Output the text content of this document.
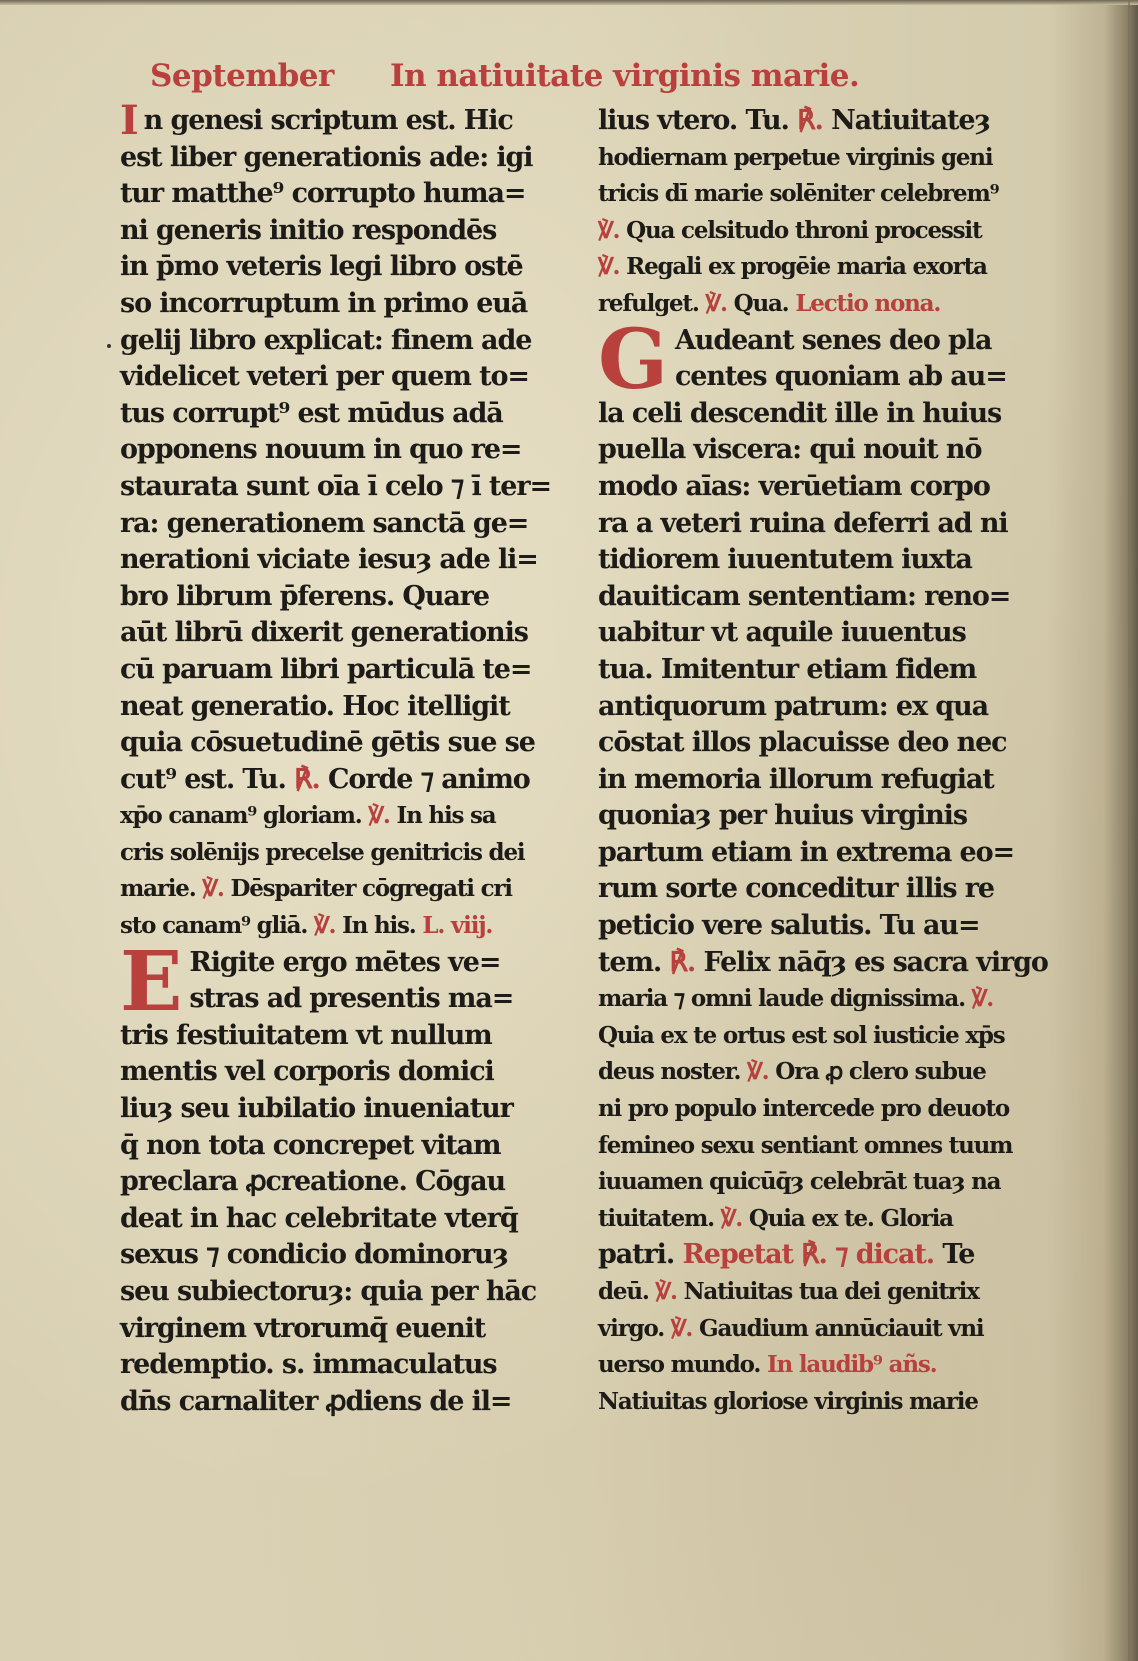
September In natiuitate virginis marie.
I n genesi scriptum est. Hic
est liber generationis ade: igi
tur matthe⁹ corrupto huma=
ni generis initio respondēs
in p̄mo veteris legi libro ostē
so incorruptum in primo euā
gelij libro explicat: finem ade
videlicet veteri per quem to=
tus corrupt⁹ est mūdus adā
opponens nouum in quo re=
staurata sunt oīa ī celo ⁊ ī ter=
ra: generationem sanctā ge=
nerationi viciate iesuȝ ade li=
bro librum p̄ferens. Quare
aūt librū dixerit generationis
cū paruam libri particulā te=
neat generatio. Hoc itelligit
quia cōsuetudinē gētis sue se
cut⁹ est. Tu. ℟. Corde ⁊ animo
xp̄o canam⁹ gloriam. ℣. In his sa
cris solēnijs precelse genitricis dei
marie. ℣. Dēspariter cōgregati cri
sto canam⁹ gliā. ℣. In his. L. viij.
E Rigite ergo mētes ve=
stras ad presentis ma=
tris festiuitatem vt nullum
mentis vel corporis domici
liuȝ seu iubilatio inueniatur
q̄ non tota concrepet vitam
preclara ꝓcreatione. Cōgau
deat in hac celebritate vterq̄
sexus ⁊ condicio dominoruȝ
seu subiectoruȝ: quia per hāc
virginem vtrorumq̄ euenit
redemptio. s. immaculatus
dn̄s carnaliter ꝓdiens de il=
lius vtero. Tu. ℟. Natiuitateȝ
hodiernam perpetue virginis geni
tricis dī marie solēniter celebrem⁹
℣. Qua celsitudo throni processit
℣. Regali ex progēie maria exorta
refulget. ℣. Qua. Lectio nona.
G Audeant senes deo pla
centes quoniam ab au=
la celi descendit ille in huius
puella viscera: qui nouit nō
modo aīas: verūetiam corpo
ra a veteri ruina deferri ad ni
tidiorem iuuentutem iuxta
dauiticam sententiam: reno=
uabitur vt aquile iuuentus
tua. Imitentur etiam fidem
antiquorum patrum: ex qua
cōstat illos placuisse deo nec
in memoria illorum refugiat
quoniaȝ per huius virginis
partum etiam in extrema eo=
rum sorte conceditur illis re
peticio vere salutis. Tu au=
tem. ℟. Felix nāq̄ȝ es sacra virgo
maria ⁊ omni laude dignissima. ℣.
Quia ex te ortus est sol iusticie xp̄s
deus noster. ℣. Ora ꝓ clero subue
ni pro populo intercede pro deuoto
femineo sexu sentiant omnes tuum
iuuamen quicūq̄ȝ celebrāt tuaȝ na
tiuitatem. ℣. Quia ex te. Gloria
patri. Repetat ℟. ⁊ dicat. Te
deū. ℣. Natiuitas tua dei genitrix
virgo. ℣. Gaudium annūciauit vni
uerso mundo. In laudib⁹ añs.
Natiuitas gloriose virginis marie
